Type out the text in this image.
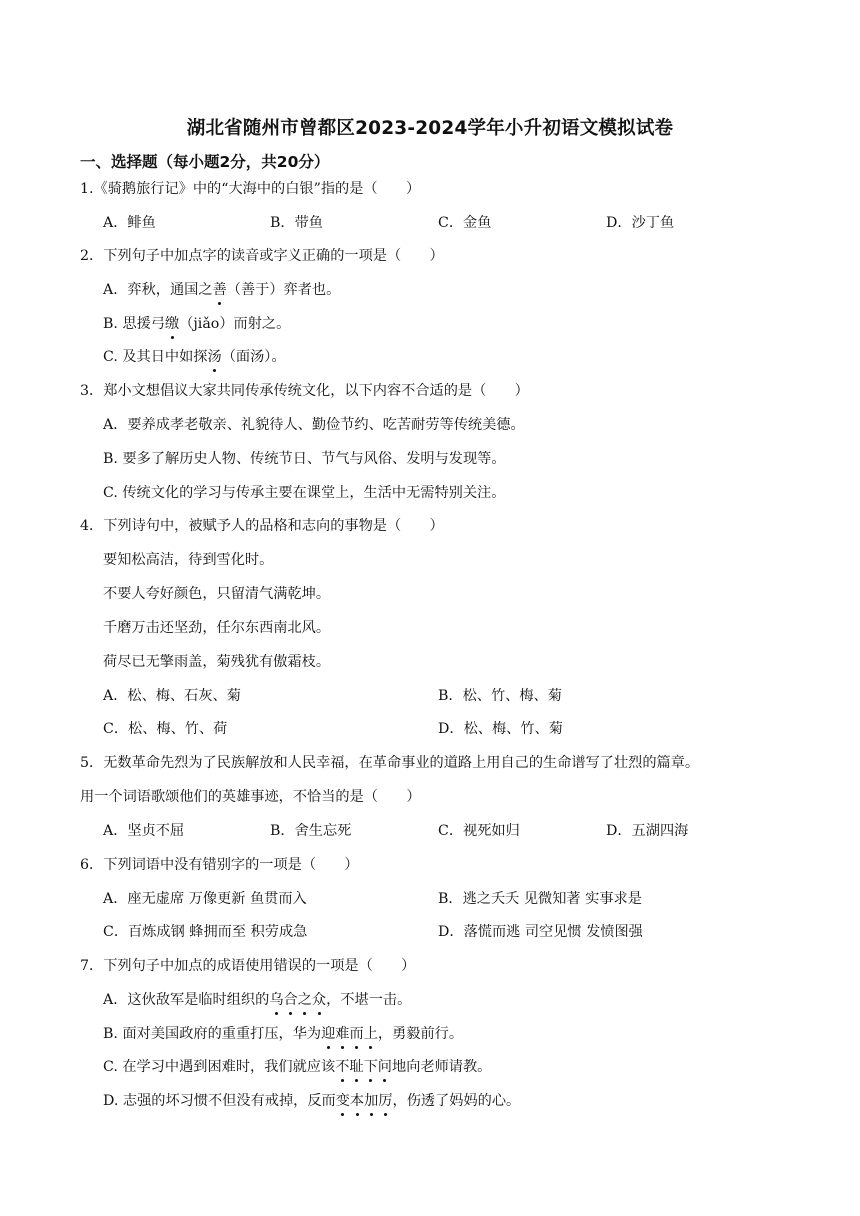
湖北省随州市曾都区2023-2024学年小升初语文模拟试卷
一、选择题（每小题2分，共20分）
1.《骑鹅旅行记》中的“大海中的白银”指的是（　　）
A．鲱鱼	B．带鱼	C．金鱼	D．沙丁鱼
2．下列句子中加点字的读音或字义正确的一项是（　　）
A．弈秋，通国之善（善于）弈者也。
B. 思援弓缴（jiǎo）而射之。
C. 及其日中如探汤（面汤）。
3．郑小文想倡议大家共同传承传统文化，以下内容不合适的是（　　）
A．要养成孝老敬亲、礼貌待人、勤俭节约、吃苦耐劳等传统美德。
B. 要多了解历史人物、传统节日、节气与风俗、发明与发现等。
C. 传统文化的学习与传承主要在课堂上，生活中无需特别关注。
4．下列诗句中，被赋予人的品格和志向的事物是（　　）
要知松高洁，待到雪化时。
不要人夸好颜色，只留清气满乾坤。
千磨万击还坚劲，任尔东西南北风。
荷尽已无擎雨盖，菊残犹有傲霜枝。
A．松、梅、石灰、菊	B．松、竹、梅、菊
C．松、梅、竹、荷	D．松、梅、竹、菊
5．无数革命先烈为了民族解放和人民幸福，在革命事业的道路上用自己的生命谱写了壮烈的篇章。
用一个词语歌颂他们的英雄事迹，不恰当的是（　　）
A．坚贞不屈	B．舍生忘死	C．视死如归	D．五湖四海
6．下列词语中没有错别字的一项是（　　）
A．座无虚席 万像更新 鱼贯而入	B．逃之夭夭 见微知著 实事求是
C．百炼成钢 蜂拥而至 积劳成急	D．落慌而逃 司空见惯 发愤图强
7．下列句子中加点的成语使用错误的一项是（　　）
A．这伙敌军是临时组织的乌合之众，不堪一击。
B. 面对美国政府的重重打压，华为迎难而上，勇毅前行。
C. 在学习中遇到困难时，我们就应该不耻下问地向老师请教。
D. 志强的坏习惯不但没有戒掉，反而变本加厉，伤透了妈妈的心。
